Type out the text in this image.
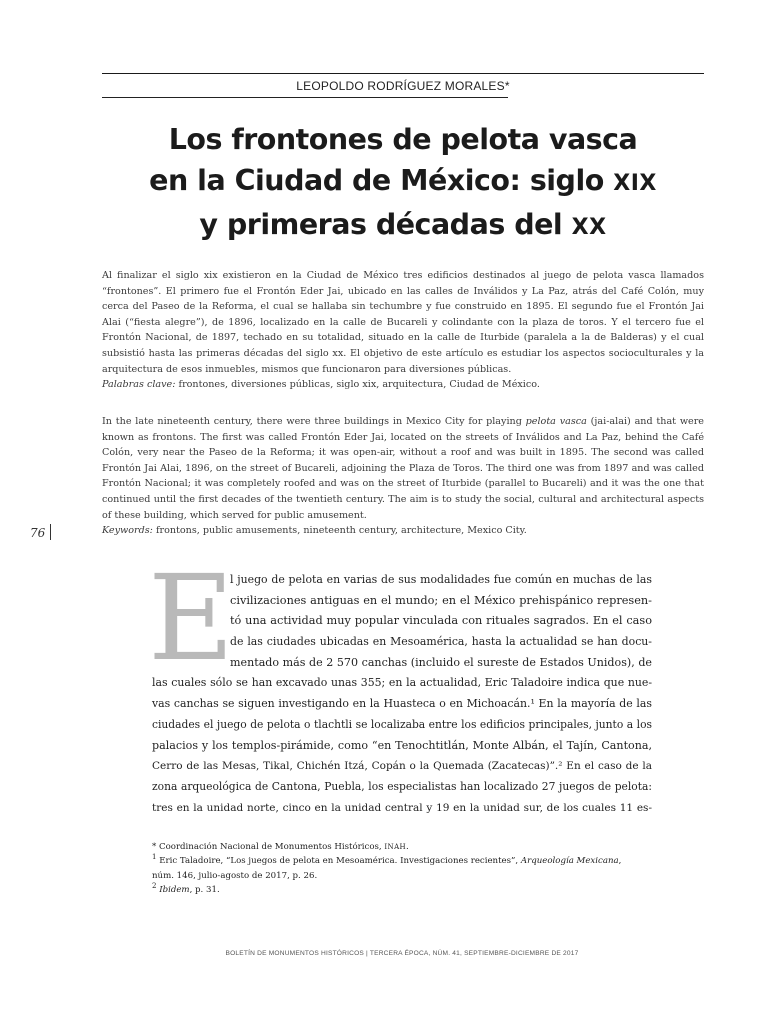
LEOPOLDO RODRÍGUEZ MORALES*
Los frontones de pelota vasca
en la Ciudad de México: siglo XIX
y primeras décadas del XX

Al finalizar el siglo xix existieron en la Ciudad de México tres edificios destinados al juego de pelota vasca llamados “frontones”. El primero fue el Frontón Eder Jai, ubicado en las calles de Inválidos y La Paz, atrás del Café Colón, muy cerca del Paseo de la Reforma, el cual se hallaba sin techumbre y fue construido en 1895. El segundo fue el Frontón Jai Alai (“fiesta alegre”), de 1896, localizado en la calle de Bucareli y colindante con la plaza de toros. Y el tercero fue el Frontón Nacional, de 1897, techado en su totalidad, situado en la calle de Iturbide (paralela a la de Balderas) y el cual subsistió hasta las primeras décadas del siglo xx. El objetivo de este artículo es estudiar los aspectos socioculturales y la arquitectura de esos inmuebles, mismos que funcionaron para diversiones públicas.

Palabras clave: frontones, diversiones públicas, siglo xix, arquitectura, Ciudad de México.

In the late nineteenth century, there were three buildings in Mexico City for playing pelota vasca (jai-alai) and that were known as frontons. The first was called Frontón Eder Jai, located on the streets of Inválidos and La Paz, behind the Café Colón, very near the Paseo de la Reforma; it was open-air, without a roof and was built in 1895. The second was called Frontón Jai Alai, 1896, on the street of Bucareli, adjoining the Plaza de Toros. The third one was from 1897 and was called Frontón Nacional; it was completely roofed and was on the street of Iturbide (parallel to Bucareli) and it was the one that continued until the first decades of the twentieth century. The aim is to study the social, cultural and architectural aspects of these building, which served for public amusement.

Keywords: frontons, public amusements, nineteenth century, architecture, Mexico City.

76
E
l juego de pelota en varias de sus modalidades fue común en muchas de las
civilizaciones antiguas en el mundo; en el México prehispánico represen-
tó una actividad muy popular vinculada con rituales sagrados. En el caso
de las ciudades ubicadas en Mesoamérica, hasta la actualidad se han docu-
mentado más de 2 570 canchas (incluido el sureste de Estados Unidos), de
las cuales sólo se han excavado unas 355; en la actualidad, Eric Taladoire indica que nue-
vas canchas se siguen investigando en la Huasteca o en Michoacán.¹ En la mayoría de las
ciudades el juego de pelota o tlachtli se localizaba entre los edificios principales, junto a los
palacios y los templos-pirámide, como “en Tenochtitlán, Monte Albán, el Tajín, Cantona,
Cerro de las Mesas, Tikal, Chichén Itzá, Copán o la Quemada (Zacatecas)”.² En el caso de la
zona arqueológica de Cantona, Puebla, los especialistas han localizado 27 juegos de pelota:
tres en la unidad norte, cinco en la unidad central y 19 en la unidad sur, de los cuales 11 es-
* Coordinación Nacional de Monumentos Históricos, INAH.
$^1$ Eric Taladoire, “Los juegos de pelota en Mesoamérica. Investigaciones recientes”, Arqueología Mexicana, núm. 146, julio-agosto de 2017, p. 26.
$^2$ Ibidem, p. 31.
BOLETÍN DE MONUMENTOS HISTÓRICOS | TERCERA ÉPOCA, NÚM. 41, SEPTIEMBRE-DICIEMBRE DE 2017
